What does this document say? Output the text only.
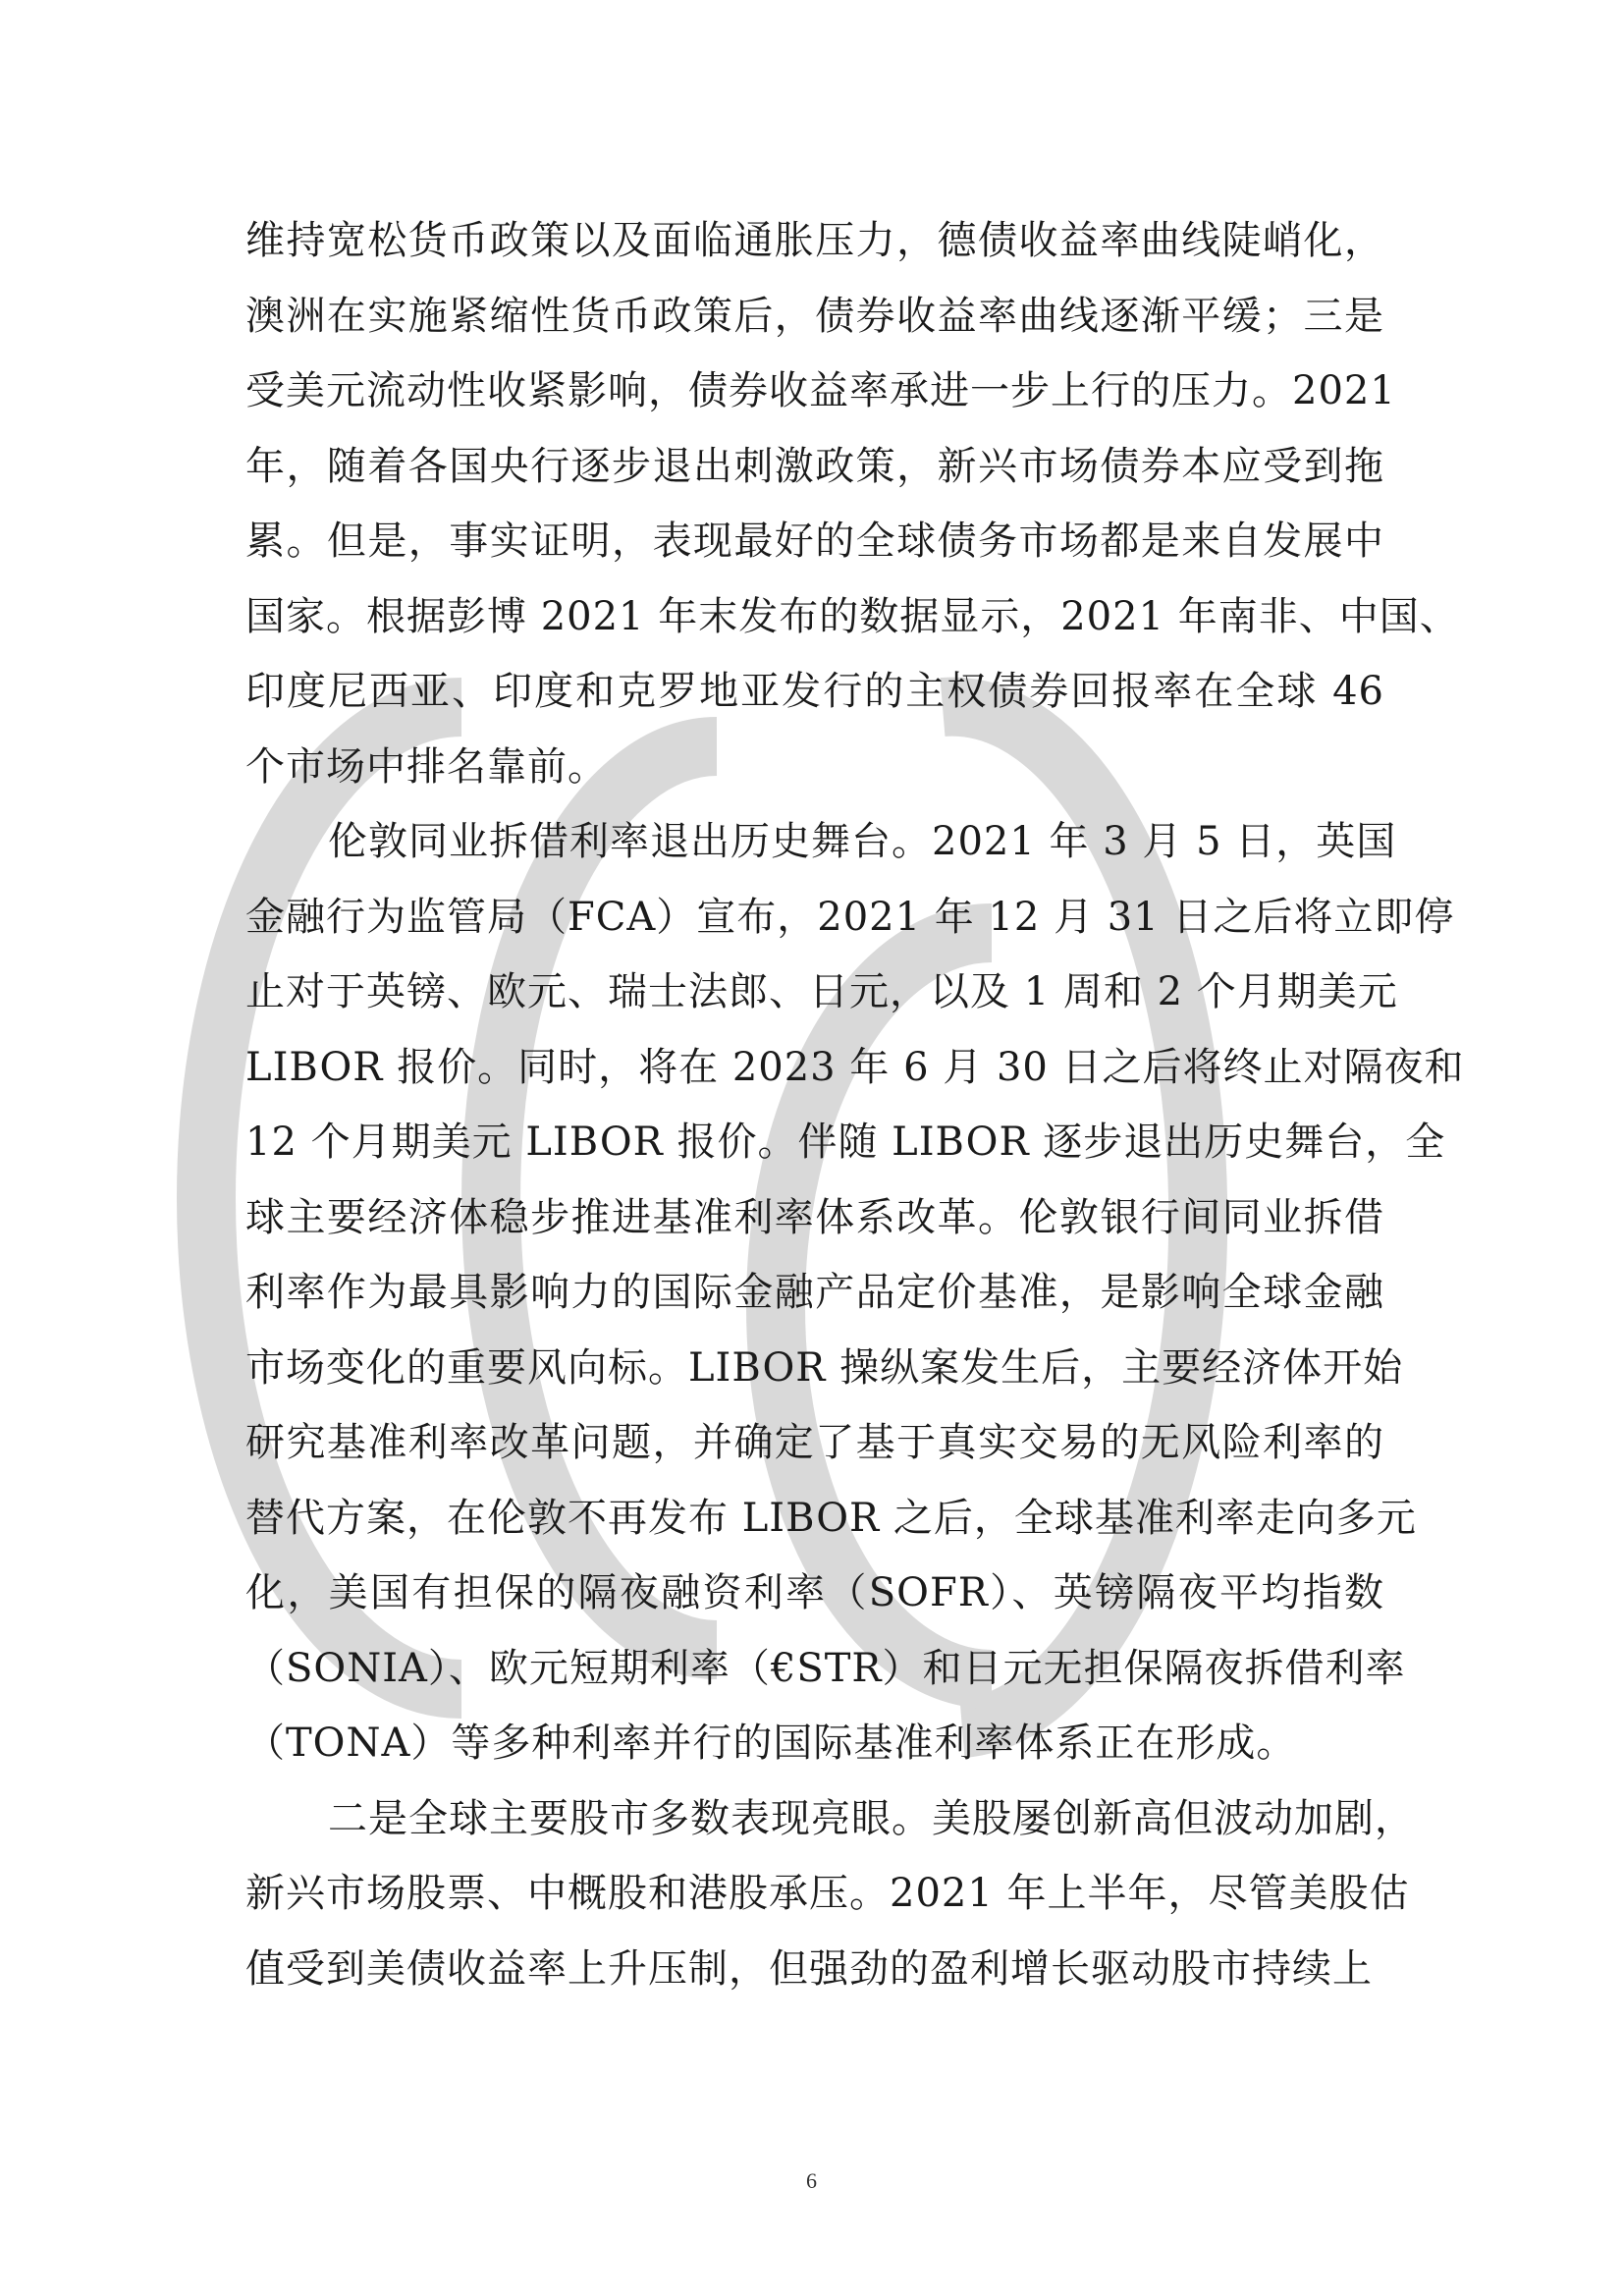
维持宽松货币政策以及面临通胀压力，德债收益率曲线陡峭化，
澳洲在实施紧缩性货币政策后，债券收益率曲线逐渐平缓；三是
受美元流动性收紧影响，债券收益率承进一步上行的压力。2021
年，随着各国央行逐步退出刺激政策，新兴市场债券本应受到拖
累。但是，事实证明，表现最好的全球债务市场都是来自发展中
国家。根据彭博 2021 年末发布的数据显示，2021 年南非、中国、
印度尼西亚、印度和克罗地亚发行的主权债券回报率在全球 46
个市场中排名靠前。
伦敦同业拆借利率退出历史舞台。2021 年 3 月 5 日，英国
金融行为监管局（FCA）宣布，2021 年 12 月 31 日之后将立即停
止对于英镑、欧元、瑞士法郎、日元，以及 1 周和 2 个月期美元
LIBOR 报价。同时，将在 2023 年 6 月 30 日之后将终止对隔夜和
12 个月期美元 LIBOR 报价。伴随 LIBOR 逐步退出历史舞台，全
球主要经济体稳步推进基准利率体系改革。伦敦银行间同业拆借
利率作为最具影响力的国际金融产品定价基准，是影响全球金融
市场变化的重要风向标。LIBOR 操纵案发生后，主要经济体开始
研究基准利率改革问题，并确定了基于真实交易的无风险利率的
替代方案，在伦敦不再发布 LIBOR 之后，全球基准利率走向多元
化，美国有担保的隔夜融资利率（SOFR）、英镑隔夜平均指数
（SONIA）、欧元短期利率（€STR）和日元无担保隔夜拆借利率
（TONA）等多种利率并行的国际基准利率体系正在形成。
二是全球主要股市多数表现亮眼。美股屡创新高但波动加剧，
新兴市场股票、中概股和港股承压。2021 年上半年，尽管美股估
值受到美债收益率上升压制，但强劲的盈利增长驱动股市持续上
6
